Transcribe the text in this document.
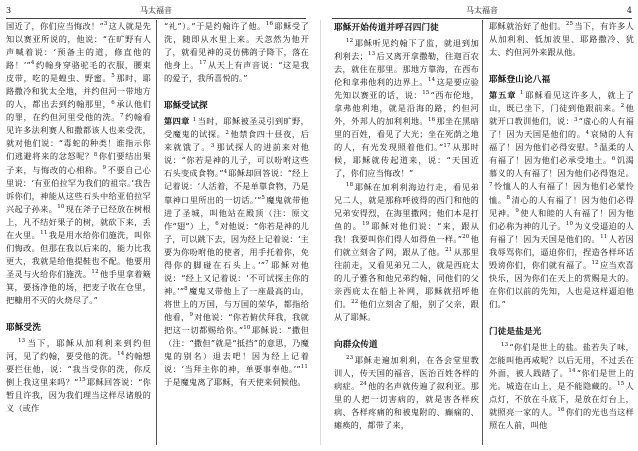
3	马太福音	马太福音	4

国近了，你们应当悔改！”$^3$这人就是先知以赛亚所说的，他说：“在旷野有人声喊着说：‘预备主的道，修直他的路！’”$^4$约翰身穿骆驼毛的衣服，腰束皮带，吃的是蝗虫、野蜜。$^5$那时，耶路撒冷和犹太全地，并约但河一带地方的人，都出去到约翰那里，$^6$承认他们的罪，在约但河里受他的洗。$^7$约翰看见许多法利赛人和撒都该人也来受洗，就对他们说：“毒蛇的种类！谁指示你们逃避将来的忿怒呢？$^8$你们要结出果子来，与悔改的心相称。$^9$不要自己心里说：‘有亚伯拉罕为我们的祖宗。’我告诉你们，神能从这些石头中给亚伯拉罕兴起子孙来。$^{10}$现在斧子已经放在树根上，凡不结好果子的树，就砍下来，丢在火里。$^{11}$我是用水给你们施洗，叫你们悔改。但那在我以后来的，能力比我更大，我就是给他提鞋也不配。他要用圣灵与火给你们施洗。$^{12}$他手里拿着簸箕，要扬净他的场，把麦子收在仓里，把糠用不灭的火烧尽了。”

耶稣受洗

$^{13}$当下，耶稣从加利利来到约但河，见了约翰，要受他的洗。$^{14}$约翰想要拦住他，说：“我当受你的洗，你反倒上我这里来吗？”$^{15}$耶稣回答说：“你暂且许我，因为我们理当这样尽诸般的义（或作

“礼”）。”于是约翰许了他。$^{16}$耶稣受了洗，随即从水里上来。天忽然为他开了，就看见神的灵仿佛鸽子降下，落在他身上。$^{17}$从天上有声音说：“这是我的爱子，我所喜悦的。”

耶稣受试探

第四章 $^1$当时，耶稣被圣灵引到旷野，受魔鬼的试探。$^2$他禁食四十昼夜，后来就饿了。$^3$那试探人的进前来对他说：“你若是神的儿子，可以吩咐这些石头变成食物。”$^4$耶稣却回答说：“经上记着说：‘人活着，不是单靠食物，乃是靠神口里所出的一切话。’”$^5$魔鬼就带他进了圣城，叫他站在殿顶（注：原文作“翅”）上，$^6$对他说：“你若是神的儿子，可以跳下去，因为经上记着说：‘主要为你吩咐他的使者，用手托着你，免得你的脚碰在石头上。’”$^7$耶稣对他说：“经上又记着说：‘不可试探主你的神。’”$^8$魔鬼又带他上了一座最高的山，将世上的万国，与万国的荣华，都指给他看，$^9$对他说：“你若俯伏拜我，我就把这一切都赐给你。”$^{10}$耶稣说：“撒但（注：“撒但”就是“抵挡”的意思，乃魔鬼的别名）退去吧！因为经上记着说：‘当拜主你的神，单要事奉他。’”$^{11}$于是魔鬼离了耶稣，有天使来伺候他。

耶稣开始传道并呼召四门徒

$^{12}$耶稣听见约翰下了监，就退到加利利去；$^{13}$后又离开拿撒勒，往迦百农去，就住在那里。那地方靠海，在西布伦和拿弗他利的边界上。$^{14}$这是要应验先知以赛亚的话，说：$^{15}$“西布伦地，拿弗他利地，就是沿海的路，约但河外，外邦人的加利利地。$^{16}$那坐在黑暗里的百姓，看见了大光；坐在死荫之地的人，有光发现照着他们。”$^{17}$从那时候，耶稣就传起道来，说：“天国近了，你们应当悔改！”

$^{18}$耶稣在加利利海边行走，看见弟兄二人，就是那称呼彼得的西门和他的兄弟安得烈，在海里撒网；他们本是打鱼的。$^{19}$耶稣对他们说：“来，跟从我！我要叫你们得人如得鱼一样。”$^{20}$他们就立刻舍了网，跟从了他。$^{21}$从那里往前走，又看见弟兄二人，就是西庇太的儿子雅各和他兄弟约翰，同他们的父亲西庇太在船上补网，耶稣就招呼他们。$^{22}$他们立刻舍了船，别了父亲，跟从了耶稣。

向群众传道

$^{23}$耶稣走遍加利利，在各会堂里教训人，传天国的福音，医治百姓各样的病症。$^{24}$他的名声就传遍了叙利亚。那里的人把一切害病的，就是害各样疾病、各样疼痛的和被鬼附的、癫痫的、瘫痪的，都带了来，

耶稣就治好了他们。$^{25}$当下，有许多人从加利利、低加波里、耶路撒冷、犹太、约但河外来跟从他。

耶稣登山论八福

第五章 $^1$耶稣看见这许多人，就上了山，既已坐下，门徒到他跟前来。$^2$他就开口教训他们，说：$^3$“虚心的人有福了！因为天国是他们的。$^4$哀恸的人有福了！因为他们必得安慰。$^5$温柔的人有福了！因为他们必承受地土。$^6$饥渴慕义的人有福了！因为他们必得饱足。$^7$怜恤人的人有福了！因为他们必蒙怜恤。$^8$清心的人有福了！因为他们必得见神。$^9$使人和睦的人有福了！因为他们必称为神的儿子。$^{10}$为义受逼迫的人有福了！因为天国是他们的。$^{11}$人若因我辱骂你们，逼迫你们，捏造各样坏话毁谤你们，你们就有福了。$^{12}$应当欢喜快乐，因为你们在天上的赏赐是大的。在你们以前的先知，人也是这样逼迫他们。”

门徒是盐是光

$^{13}$“你们是世上的盐。盐若失了味，怎能叫他再咸呢？以后无用，不过丢在外面，被人践踏了。$^{14}$“你们是世上的光。城造在山上，是不能隐藏的。$^{15}$人点灯，不放在斗底下，是放在灯台上，就照亮一家的人。$^{16}$你们的光也当这样照在人前，叫他
